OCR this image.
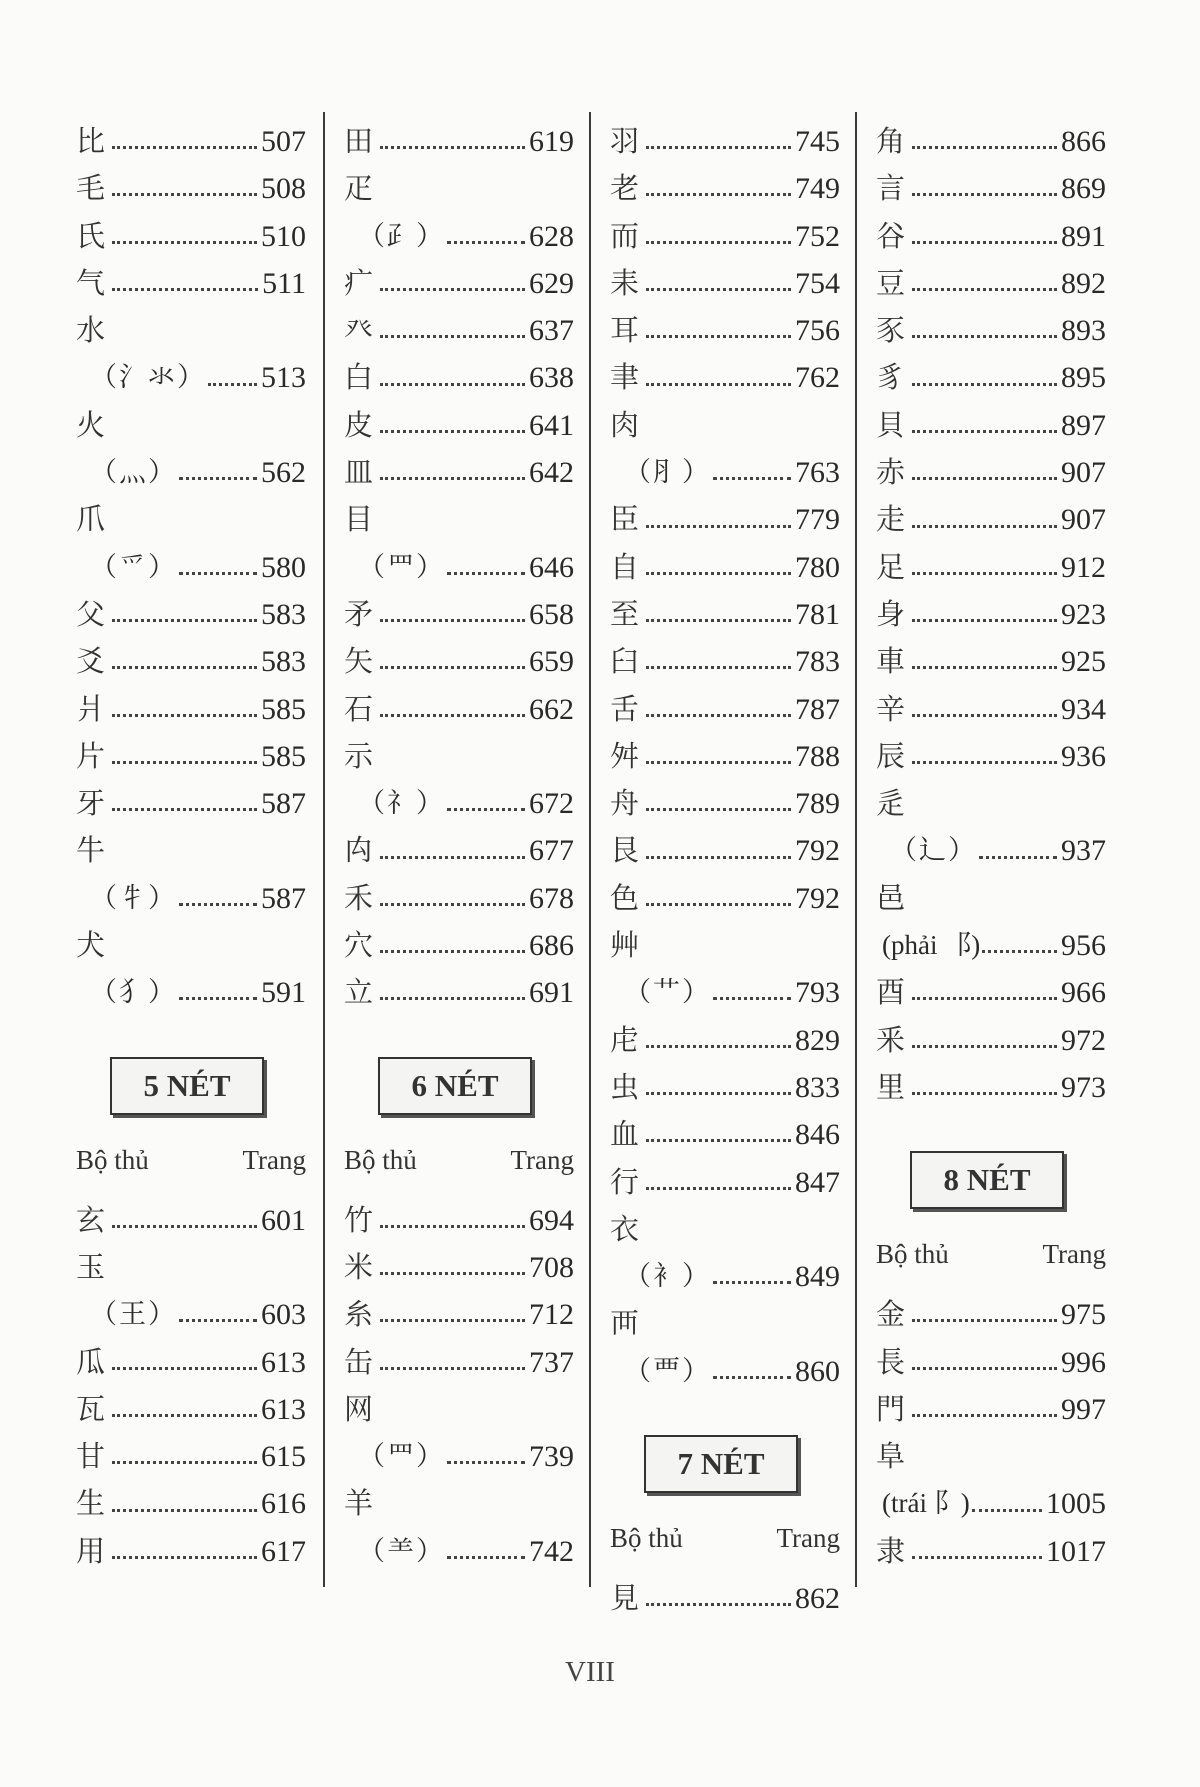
比	507
毛	508
氏	510
气	511
水
（氵氺） 513
火
（灬）	562
爪
（爫）	580
父	583
爻	583
爿	585
片	585
牙	587
牛
（牜）	587
犬
（犭）	591
5 NÉT
Bộ thủ	Trang
玄	601
玉
（王）	603
瓜	613
瓦	613
甘	615
生	616
用	617
田	619
疋
（⺪）	628
疒	629
癶	637
白	638
皮	641
皿	642
目
（罒）	646
矛	658
矢	659
石	662
示
（礻）	672
禸	677
禾	678
穴	686
立	691
6 NÉT
Bộ thủ	Trang
竹	694
米	708
糸	712
缶	737
网
（罒）	739
羊
（⺷）	742
羽	745
老	749
而	752
耒	754
耳	756
聿	762
肉
（⺼）	763
臣	779
自	780
至	781
臼	783
舌	787
舛	788
舟	789
艮	792
色	792
艸
（艹）	793
虍	829
虫	833
血	846
行	847
衣
（衤）	849
襾
（覀）	860
7 NÉT
Bộ thủ	Trang
見	862
角	866
言	869
谷	891
豆	892
豕	893
豸	895
貝	897
赤	907
走	907
足	912
身	923
車	925
辛	934
辰	936
辵
（辶）	937
邑
(phải ⻏)	956
酉	966
釆	972
里	973
8 NÉT
Bộ thủ	Trang
金	975
長	996
門	997
阜
(trái ⻖)	1005
隶	1017
VIII
